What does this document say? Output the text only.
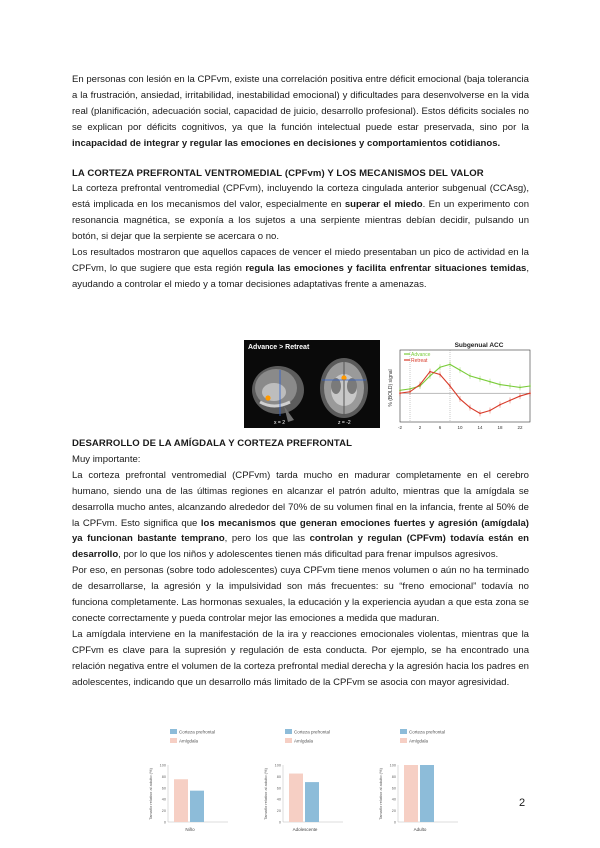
En personas con lesión en la CPFvm, existe una correlación positiva entre déficit emocional (baja tolerancia a la frustración, ansiedad, irritabilidad, inestabilidad emocional) y dificultades para desenvolverse en la vida real (planificación, adecuación social, capacidad de juicio, desarrollo profesional). Estos déficits sociales no se explican por déficits cognitivos, ya que la función intelectual puede estar preservada, sino por la incapacidad de integrar y regular las emociones en decisiones y comportamientos cotidianos.

LA CORTEZA PREFRONTAL VENTROMEDIAL (CPFvm) Y LOS MECANISMOS DEL VALOR

La corteza prefrontal ventromedial (CPFvm), incluyendo la corteza cingulada anterior subgenual (CCAsg), está implicada en los mecanismos del valor, especialmente en superar el miedo. En un experimento con resonancia magnética, se exponía a los sujetos a una serpiente mientras debían decidir, pulsando un botón, si dejar que la serpiente se acercara o no.

Los resultados mostraron que aquellos capaces de vencer el miedo presentaban un pico de actividad en la CPFvm, lo que sugiere que esta región regula las emociones y facilita enfrentar situaciones temidas, ayudando a controlar el miedo y a tomar decisiones adaptativas frente a amenazas.

Advance > Retreat
x = 2	z = -2
Subgenual ACC
% (BOLD) signal
-2	2	6	10	14	18	22
Advance
Retreat
DESARROLLO DE LA AMÍGDALA Y CORTEZA PREFRONTAL

Muy importante:

La corteza prefrontal ventromedial (CPFvm) tarda mucho en madurar completamente en el cerebro humano, siendo una de las últimas regiones en alcanzar el patrón adulto, mientras que la amígdala se desarrolla mucho antes, alcanzando alrededor del 70% de su volumen final en la infancia, frente al 50% de la CPFvm. Esto significa que los mecanismos que generan emociones fuertes y agresión (amígdala) ya funcionan bastante temprano, pero los que las controlan y regulan (CPFvm) todavía están en desarrollo, por lo que los niños y adolescentes tienen más dificultad para frenar impulsos agresivos.

Por eso, en personas (sobre todo adolescentes) cuya CPFvm tiene menos volumen o aún no ha terminado de desarrollarse, la agresión y la impulsividad son más frecuentes: su “freno emocional” todavía no funciona completamente. Las hormonas sexuales, la educación y la experiencia ayudan a que esta zona se conecte correctamente y pueda controlar mejor las emociones a medida que maduran.

La amígdala interviene en la manifestación de la ira y reacciones emocionales violentas, mientras que la CPFvm es clave para la supresión y regulación de esta conducta. Por ejemplo, se ha encontrado una relación negativa entre el volumen de la corteza prefrontal medial derecha y la agresión hacia los padres en adolescentes, indicando que un desarrollo más limitado de la CPFvm se asocia con mayor agresividad.

Corteza prefrontal
Amígdala
0
20
40
60
80
100
Tamaño relativo al adulto (%)
Niño
Corteza prefrontal
Amígdala
0
20
40
60
80
100
Tamaño relativo al adulto (%)
Adolescente
Corteza prefrontal
Amígdala
0
20
40
60
80
100
Tamaño relativo al adulto (%)
Adulto
2
